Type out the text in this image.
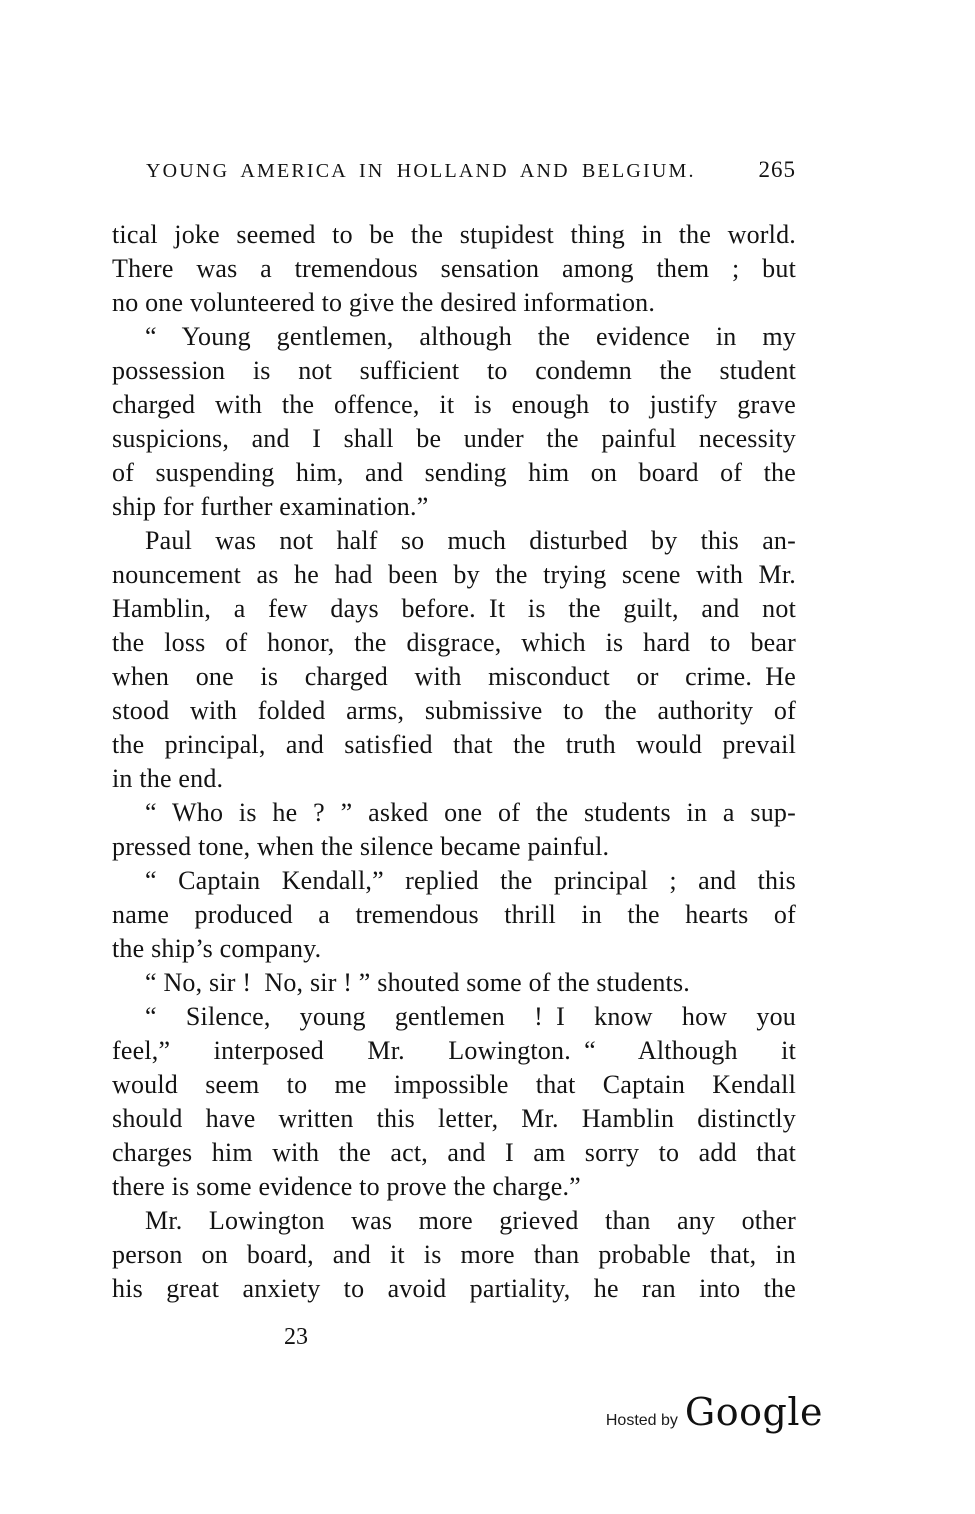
YOUNG AMERICA IN HOLLAND AND BELGIUM.	265
tical joke seemed to be the stupidest thing in the world.
There was a tremendous sensation among them ; but
no one volunteered to give the desired information.
“ Young gentlemen, although the evidence in my
possession is not sufficient to condemn the student
charged with the offence, it is enough to justify grave
suspicions, and I shall be under the painful necessity
of suspending him, and sending him on board of the
ship for further examination.”
Paul was not half so much disturbed by this an-
nouncement as he had been by the trying scene with Mr.
Hamblin, a few days before. It is the guilt, and not
the loss of honor, the disgrace, which is hard to bear
when one is charged with misconduct or crime. He
stood with folded arms, submissive to the authority of
the principal, and satisfied that the truth would prevail
in the end.
“ Who is he ? ” asked one of the students in a sup-
pressed tone, when the silence became painful.
“ Captain Kendall,” replied the principal ; and this
name produced a tremendous thrill in the hearts of
the ship’s company.
“ No, sir ! No, sir ! ” shouted some of the students.
“ Silence, young gentlemen ! I know how you
feel,” interposed Mr. Lowington. “ Although it
would seem to me impossible that Captain Kendall
should have written this letter, Mr. Hamblin distinctly
charges him with the act, and I am sorry to add that
there is some evidence to prove the charge.”
Mr. Lowington was more grieved than any other
person on board, and it is more than probable that, in
his great anxiety to avoid partiality, he ran into the
23
Hosted by Google
